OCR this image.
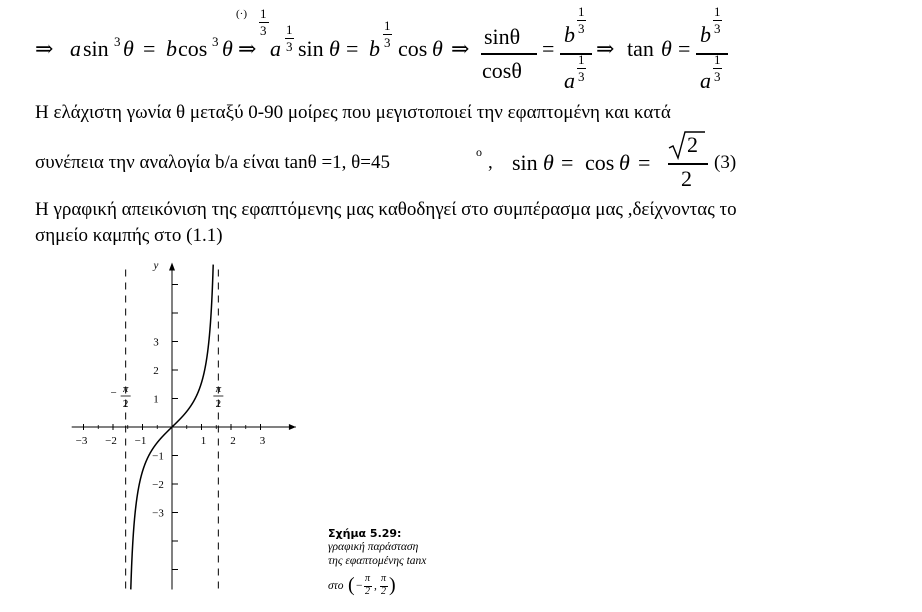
⇒ a sin 3 θ = b cos 3 θ
(·) 1
3
⇒ a
1
3 sin θ = b
1
3 cos θ ⇒ sinθ
cosθ
=
b
1
3
a
1
3
⇒ tan θ =
b
1
3
a
1
3
Η ελάχιστη γωνία θ μεταξύ 0-90 μοίρες που μεγιστοποιεί την εφαπτομένη και κατά
συνέπεια την αναλογία b/a είναι tanθ =1, θ=45	o , sin θ = cos θ =
2
2
(3)
Η γραφική απεικόνιση της εφαπτόμενης μας καθοδηγεί στο συμπέρασμα μας ,δείχνοντας το
σημείο καμπής στο (1.1)
y
−3 −2 −1	1 2 3
3
2
1
−1
−2
−3
− π
2
π
2
Σχήμα 5.29:
γραφική παράσταση
της εφαπτομένης tanx
στο ( −
π
2 ,
π
2 )
